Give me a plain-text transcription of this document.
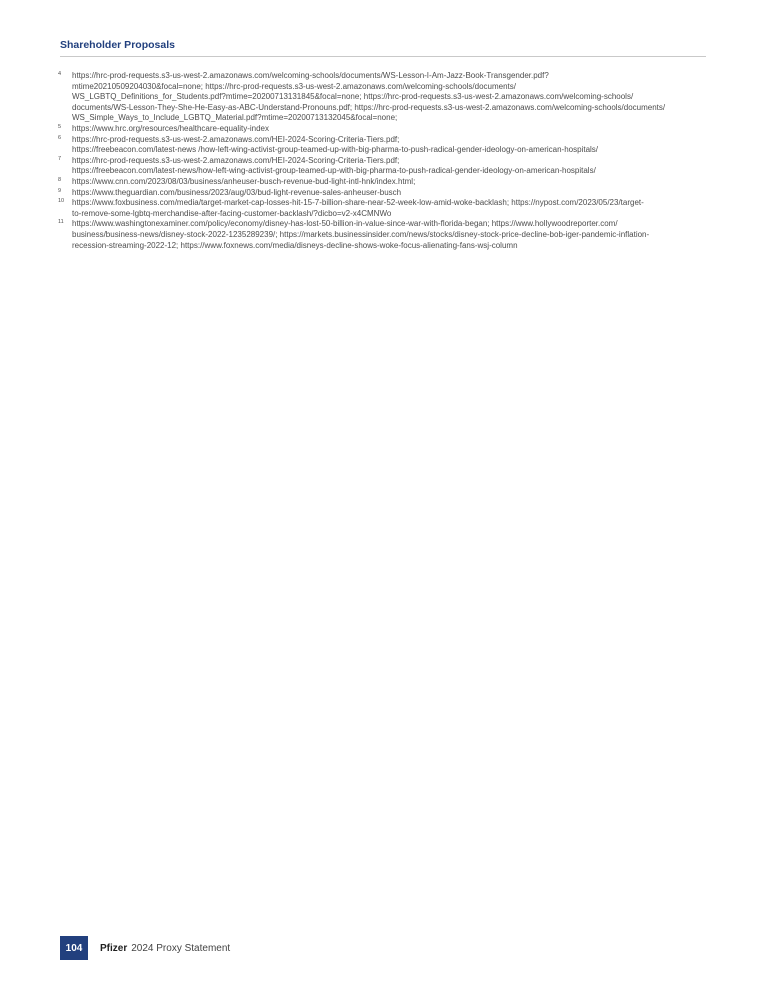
Shareholder Proposals
4 https://hrc-prod-requests.s3-us-west-2.amazonaws.com/welcoming-schools/documents/WS-Lesson-I-Am-Jazz-Book-Transgender.pdf?
mtime20210509204030&focal=none; https://hrc-prod-requests.s3-us-west-2.amazonaws.com/welcoming-schools/documents/
WS_LGBTQ_Definitions_for_Students.pdf?mtime=20200713131845&focal=none; https://hrc-prod-requests.s3-us-west-2.amazonaws.com/welcoming-schools/
documents/WS-Lesson-They-She-He-Easy-as-ABC-Understand-Pronouns.pdf; https://hrc-prod-requests.s3-us-west-2.amazonaws.com/welcoming-schools/documents/
WS_Simple_Ways_to_Include_LGBTQ_Material.pdf?mtime=20200713132045&focal=none;
5 https://www.hrc.org/resources/healthcare-equality-index
6 https://hrc-prod-requests.s3-us-west-2.amazonaws.com/HEI-2024-Scoring-Criteria-Tiers.pdf;
https://freebeacon.com/latest-news /how-left-wing-activist-group-teamed-up-with-big-pharma-to-push-radical-gender-ideology-on-american-hospitals/
7 https://hrc-prod-requests.s3-us-west-2.amazonaws.com/HEI-2024-Scoring-Criteria-Tiers.pdf;
https://freebeacon.com/latest-news/how-left-wing-activist-group-teamed-up-with-big-pharma-to-push-radical-gender-ideology-on-american-hospitals/
8 https://www.cnn.com/2023/08/03/business/anheuser-busch-revenue-bud-light-intl-hnk/index.html;
9 https://www.theguardian.com/business/2023/aug/03/bud-light-revenue-sales-anheuser-busch
10 https://www.foxbusiness.com/media/target-market-cap-losses-hit-15-7-billion-share-near-52-week-low-amid-woke-backlash; https://nypost.com/2023/05/23/target-
to-remove-some-lgbtq-merchandise-after-facing-customer-backlash/?dicbo=v2-x4CMNWo
11 https://www.washingtonexaminer.com/policy/economy/disney-has-lost-50-billion-in-value-since-war-with-florida-began; https://www.hollywoodreporter.com/
business/business-news/disney-stock-2022-1235289239/; https://markets.businessinsider.com/news/stocks/disney-stock-price-decline-bob-iger-pandemic-inflation-
recession-streaming-2022-12; https://www.foxnews.com/media/disneys-decline-shows-woke-focus-alienating-fans-wsj-column
104	Pfizer 2024 Proxy Statement
